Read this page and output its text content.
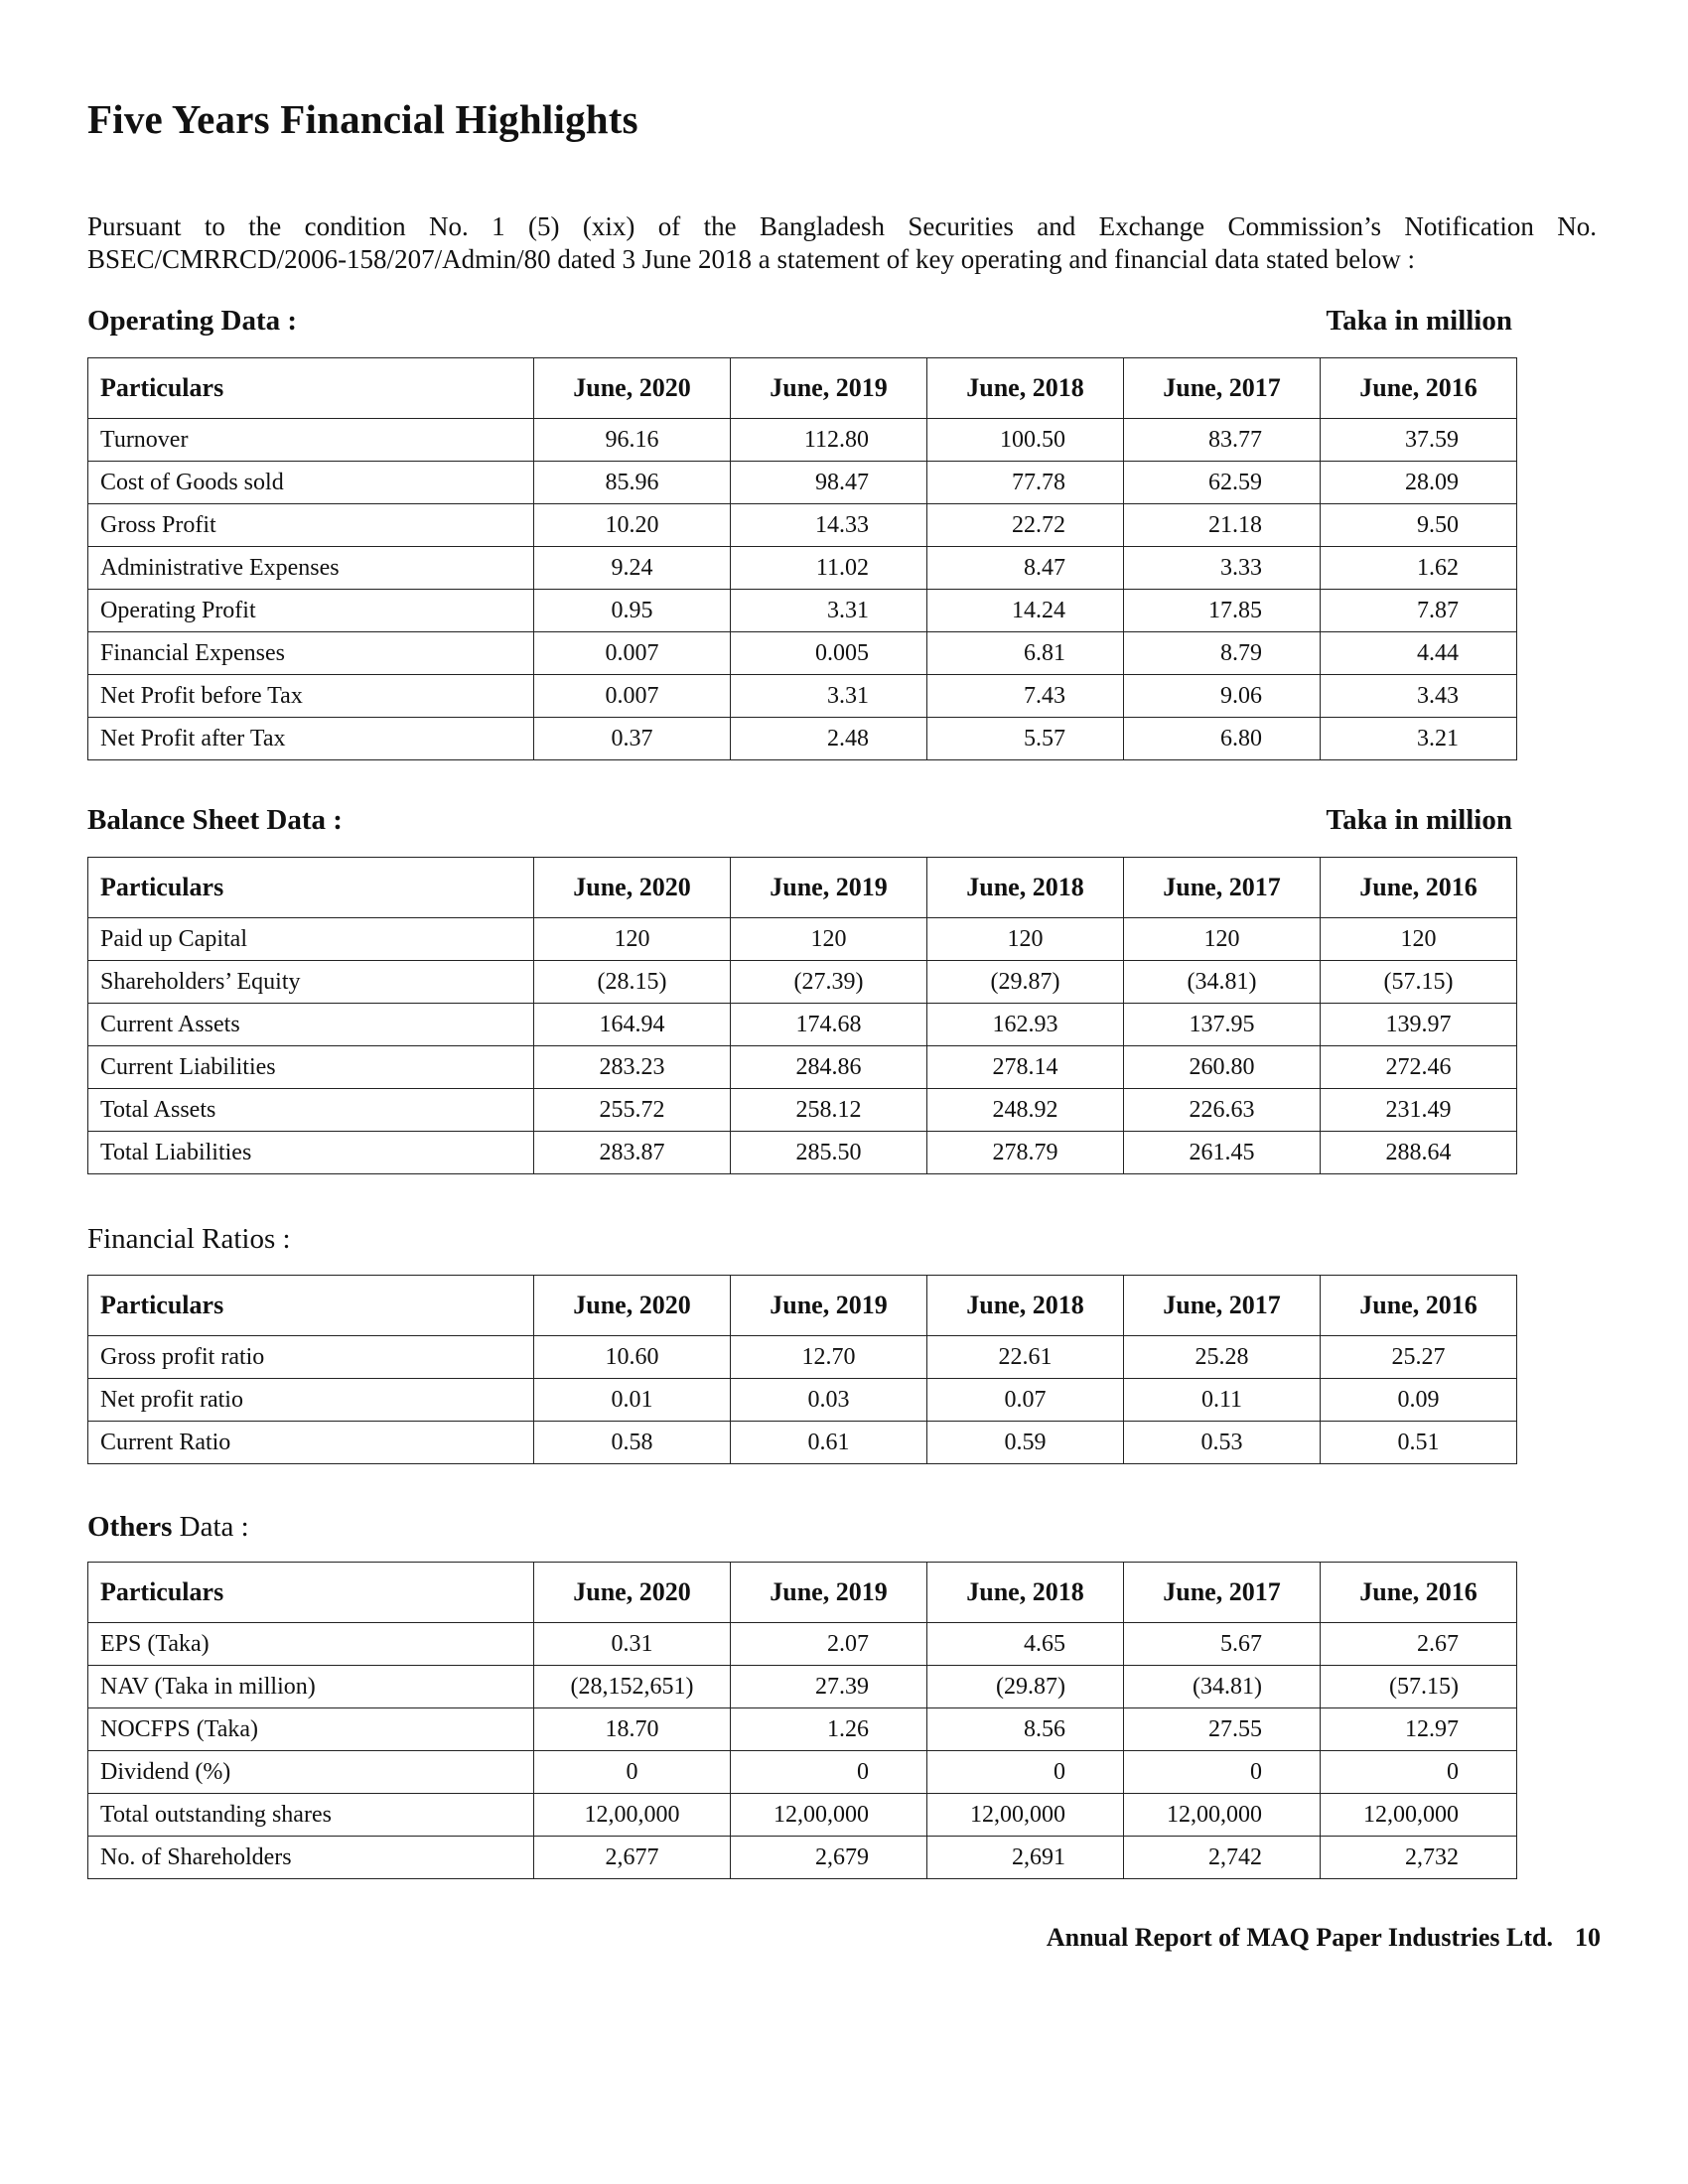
Five Years Financial Highlights

Pursuant to the condition No. 1 (5) (xix) of the Bangladesh Securities and Exchange Commission’s Notification No. BSEC/CMRRCD/2006-158/207/Admin/80 dated 3 June 2018 a statement of key operating and financial data stated below :

Operating Data :	Taka in million
Particulars	June, 2020	June, 2019	June, 2018	June, 2017	June, 2016
Turnover	96.16	112.80	100.50	83.77	37.59
Cost of Goods sold	85.96	98.47	77.78	62.59	28.09
Gross Profit	10.20	14.33	22.72	21.18	9.50
Administrative Expenses	9.24	11.02	8.47	3.33	1.62
Operating Profit	0.95	3.31	14.24	17.85	7.87
Financial Expenses	0.007	0.005	6.81	8.79	4.44
Net Profit before Tax	0.007	3.31	7.43	9.06	3.43
Net Profit after Tax	0.37	2.48	5.57	6.80	3.21
Balance Sheet Data :	Taka in million
Particulars	June, 2020	June, 2019	June, 2018	June, 2017	June, 2016
Paid up Capital	120	120	120	120	120
Shareholders’ Equity	(28.15)	(27.39)	(29.87)	(34.81)	(57.15)
Current Assets	164.94	174.68	162.93	137.95	139.97
Current Liabilities	283.23	284.86	278.14	260.80	272.46
Total Assets	255.72	258.12	248.92	226.63	231.49
Total Liabilities	283.87	285.50	278.79	261.45	288.64
Financial Ratios :
Particulars	June, 2020	June, 2019	June, 2018	June, 2017	June, 2016
Gross profit ratio	10.60	12.70	22.61	25.28	25.27
Net profit ratio	0.01	0.03	0.07	0.11	0.09
Current Ratio	0.58	0.61	0.59	0.53	0.51
Others Data :
Particulars	June, 2020	June, 2019	June, 2018	June, 2017	June, 2016
EPS (Taka)	0.31	2.07	4.65	5.67	2.67
NAV (Taka in million)	(28,152,651)	27.39	(29.87)	(34.81)	(57.15)
NOCFPS (Taka)	18.70	1.26	8.56	27.55	12.97
Dividend (%)	0	0	0	0	0
Total outstanding shares	12,00,000	12,00,000	12,00,000	12,00,000	12,00,000
No. of Shareholders	2,677	2,679	2,691	2,742	2,732
Annual Report of MAQ Paper Industries Ltd. 10
